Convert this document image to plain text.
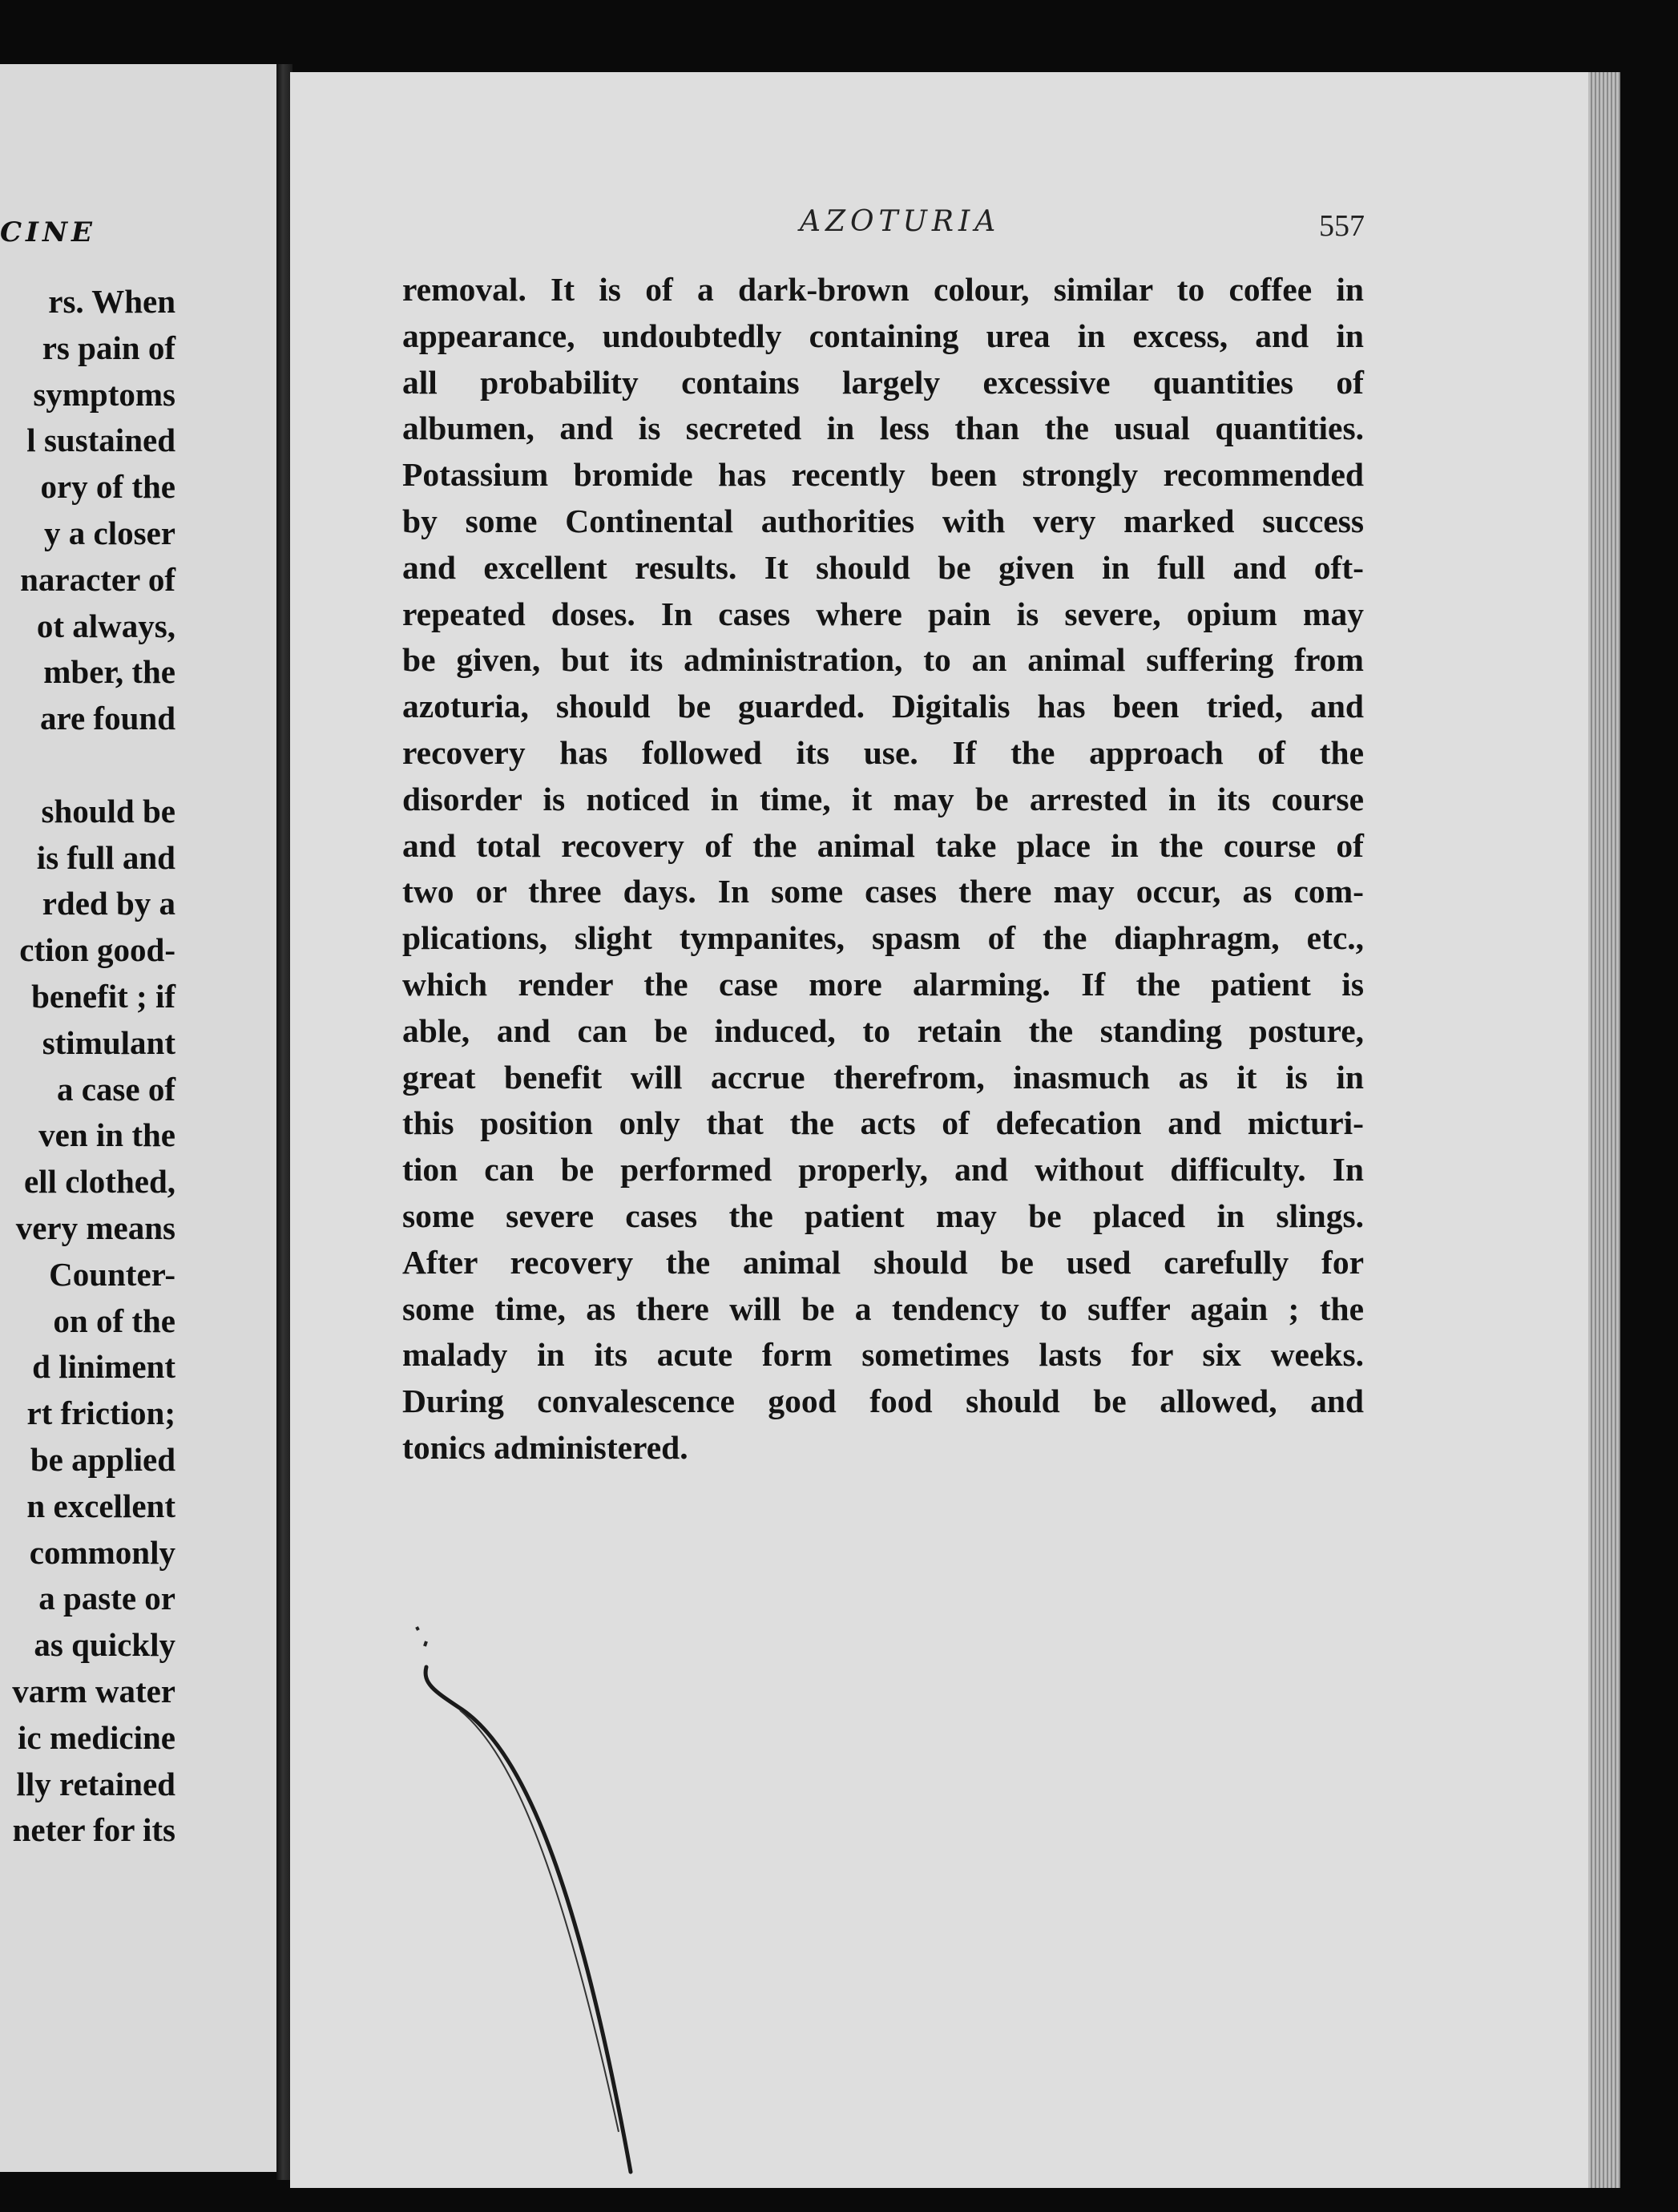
CINE
rs. When
rs pain of
symptoms
l sustained
ory of the
y a closer
naracter of
ot always,
mber, the
are found
should be
is full and
rded by a
ction good-
benefit ; if
stimulant
a case of
ven in the
ell clothed,
very means
Counter-
on of the
d liniment
rt friction;
be applied
n excellent
commonly
a paste or
as quickly
varm water
ic medicine
lly retained
neter for its
AZOTURIA	557
removal. It is of a dark-brown colour, similar to coffee in
appearance, undoubtedly containing urea in excess, and in
all probability contains largely excessive quantities of
albumen, and is secreted in less than the usual quantities.
Potassium bromide has recently been strongly recommended
by some Continental authorities with very marked success
and excellent results. It should be given in full and oft-
repeated doses. In cases where pain is severe, opium may
be given, but its administration, to an animal suffering from
azoturia, should be guarded. Digitalis has been tried, and
recovery has followed its use. If the approach of the
disorder is noticed in time, it may be arrested in its course
and total recovery of the animal take place in the course of
two or three days. In some cases there may occur, as com-
plications, slight tympanites, spasm of the diaphragm, etc.,
which render the case more alarming. If the patient is
able, and can be induced, to retain the standing posture,
great benefit will accrue therefrom, inasmuch as it is in
this position only that the acts of defecation and micturi-
tion can be performed properly, and without difficulty. In
some severe cases the patient may be placed in slings.
After recovery the animal should be used carefully for
some time, as there will be a tendency to suffer again ; the
malady in its acute form sometimes lasts for six weeks.
During convalescence good food should be allowed, and
tonics administered.
